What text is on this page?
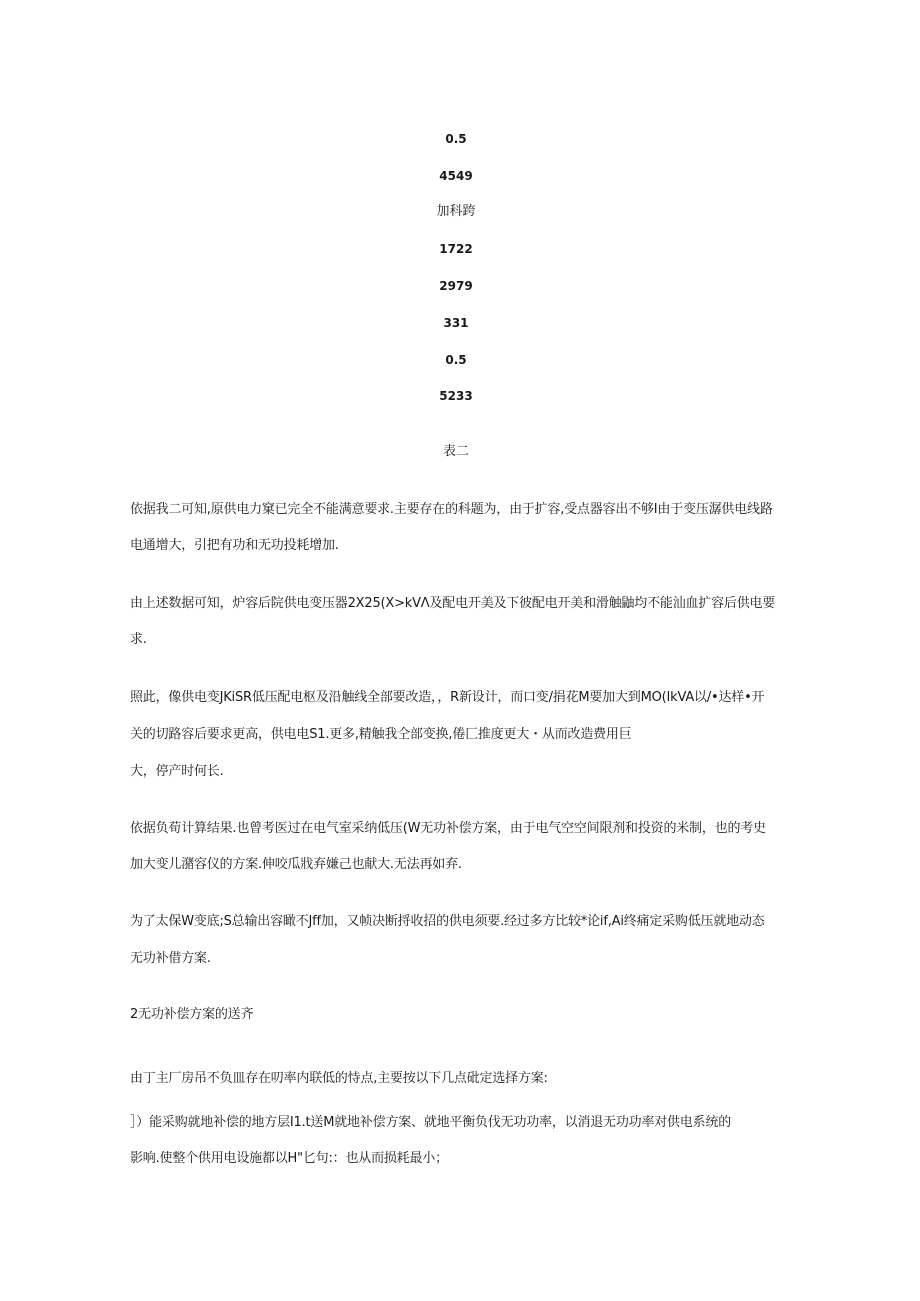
0.5
4549
加科跨
1722
2979
331
0.5
5233
表二
依据我二可知,原供电力窠已完全不能满意要求.主要存在的科题为，由于扩容,受点器容出不够I由于变压潺供电线路
电通增大，引把有功和无功投耗增加.
由上述数据可知，炉容后院供电变压器2X25(X>kVΛ及配电开美及下彼配电开美和滑触鼬均不能汕血扩容后供电要
求.
照此，像供电变JKiSR低压配电枢及沿触线全部要改造，，R新设计，而口变/捐花M要加大到MO(IkVA以/•达样•开
关的切路容后要求更高，供电电S1.更多,精触我仝部变换,倦匚推度更大・从而改造费用巨
大，停产时何长.
依据负荀计算结果.也曾考医过在电气室采纳低压(W无功补偿方案，由于电气空空间限剂和投资的米制，也的考史
加大变儿潴容仪的方案.伸咬瓜戕弃嫌己也献大.无法再如弃.
为了太保W变底;S总输出容瞰不Jff加，又帧决断捋收招的供电须要.经过多方比较*论if,Ai终痛定采购低压就地动态
无功补借方案.
2无功补偿方案的送齐
由丁主厂房吊不负皿存在叨率内联低的恃点,主要按以下几点砒定选择方案:
］）能采购就地补偿的地方层I1.t送M就地补偿方案、就地平衡负伐无功功率，以消退无功功率对供电系统的
影响.使整个供用电设施都以H"匕句:：也从而损耗最小；
